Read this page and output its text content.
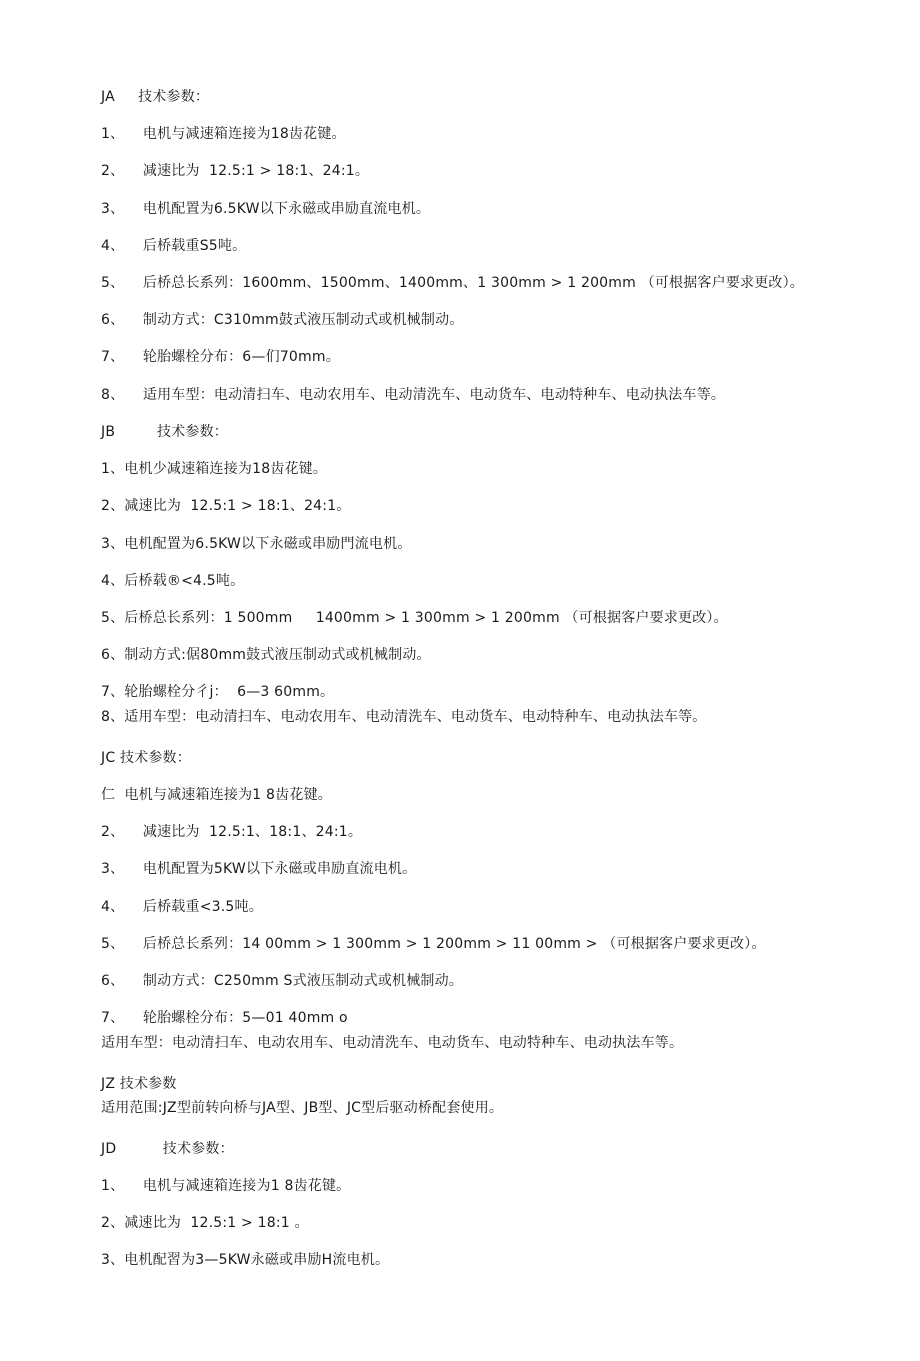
JA     技术参数：
1、    电机与减速箱连接为18齿花键。
2、    减速比为  12.5:1 > 18:1、24:1。
3、    电机配置为6.5KW以下永磁或串励直流电机。
4、    后桥载重S5吨。
5、    后桥总长系列：1600mm、1500mm、1400mm、1 300mm > 1 200mm （可根据客户要求更改）。
6、    制动方式：C310mm鼓式液压制动式或机械制动。
7、    轮胎螺栓分布：6—们70mm。
8、    适用车型：电动清扫车、电动农用车、电动清洗车、电动货车、电动特种车、电动执法车等。
JB         技术参数：
1、电机少减速箱连接为18齿花键。
2、减速比为  12.5:1 > 18:1、24:1。
3、电机配置为6.5KW以下永磁或串励門流电机。
4、后桥载®<4.5吨。
5、后桥总长系列：1 500mm     1400mm > 1 300mm > 1 200mm （可根据客户要求更改）。
6、制动方式:倨80mm鼓式液压制动式或机械制动。
7、轮胎螺栓分彳j：  6—3 60mm。
8、适用车型：电动清扫车、电动农用车、电动清洗车、电动货车、电动特种车、电动执法车等。
JC 技术参数：
仁  电机与减速箱连接为1 8齿花键。
2、    减速比为  12.5:1、18:1、24:1。
3、    电机配置为5KW以下永磁或串励直流电机。
4、    后桥载重<3.5吨。
5、    后桥总长系列：14 00mm > 1 300mm > 1 200mm > 11 00mm > （可根据客户要求更改）。
6、    制动方式：C250mm S式液压制动式或机械制动。
7、    轮胎螺栓分布：5—01 40mm o
适用车型：电动清扫车、电动农用车、电动清洗车、电动货车、电动特种车、电动执法车等。
JZ 技术参数
适用范围:JZ型前转向桥与JA型、JB型、JC型后驱动桥配套使用。
JD          技术参数：
1、    电机与减速箱连接为1 8齿花键。
2、减速比为  12.5:1 > 18:1 。
3、电机配習为3—5KW永磁或串励H流电机。
